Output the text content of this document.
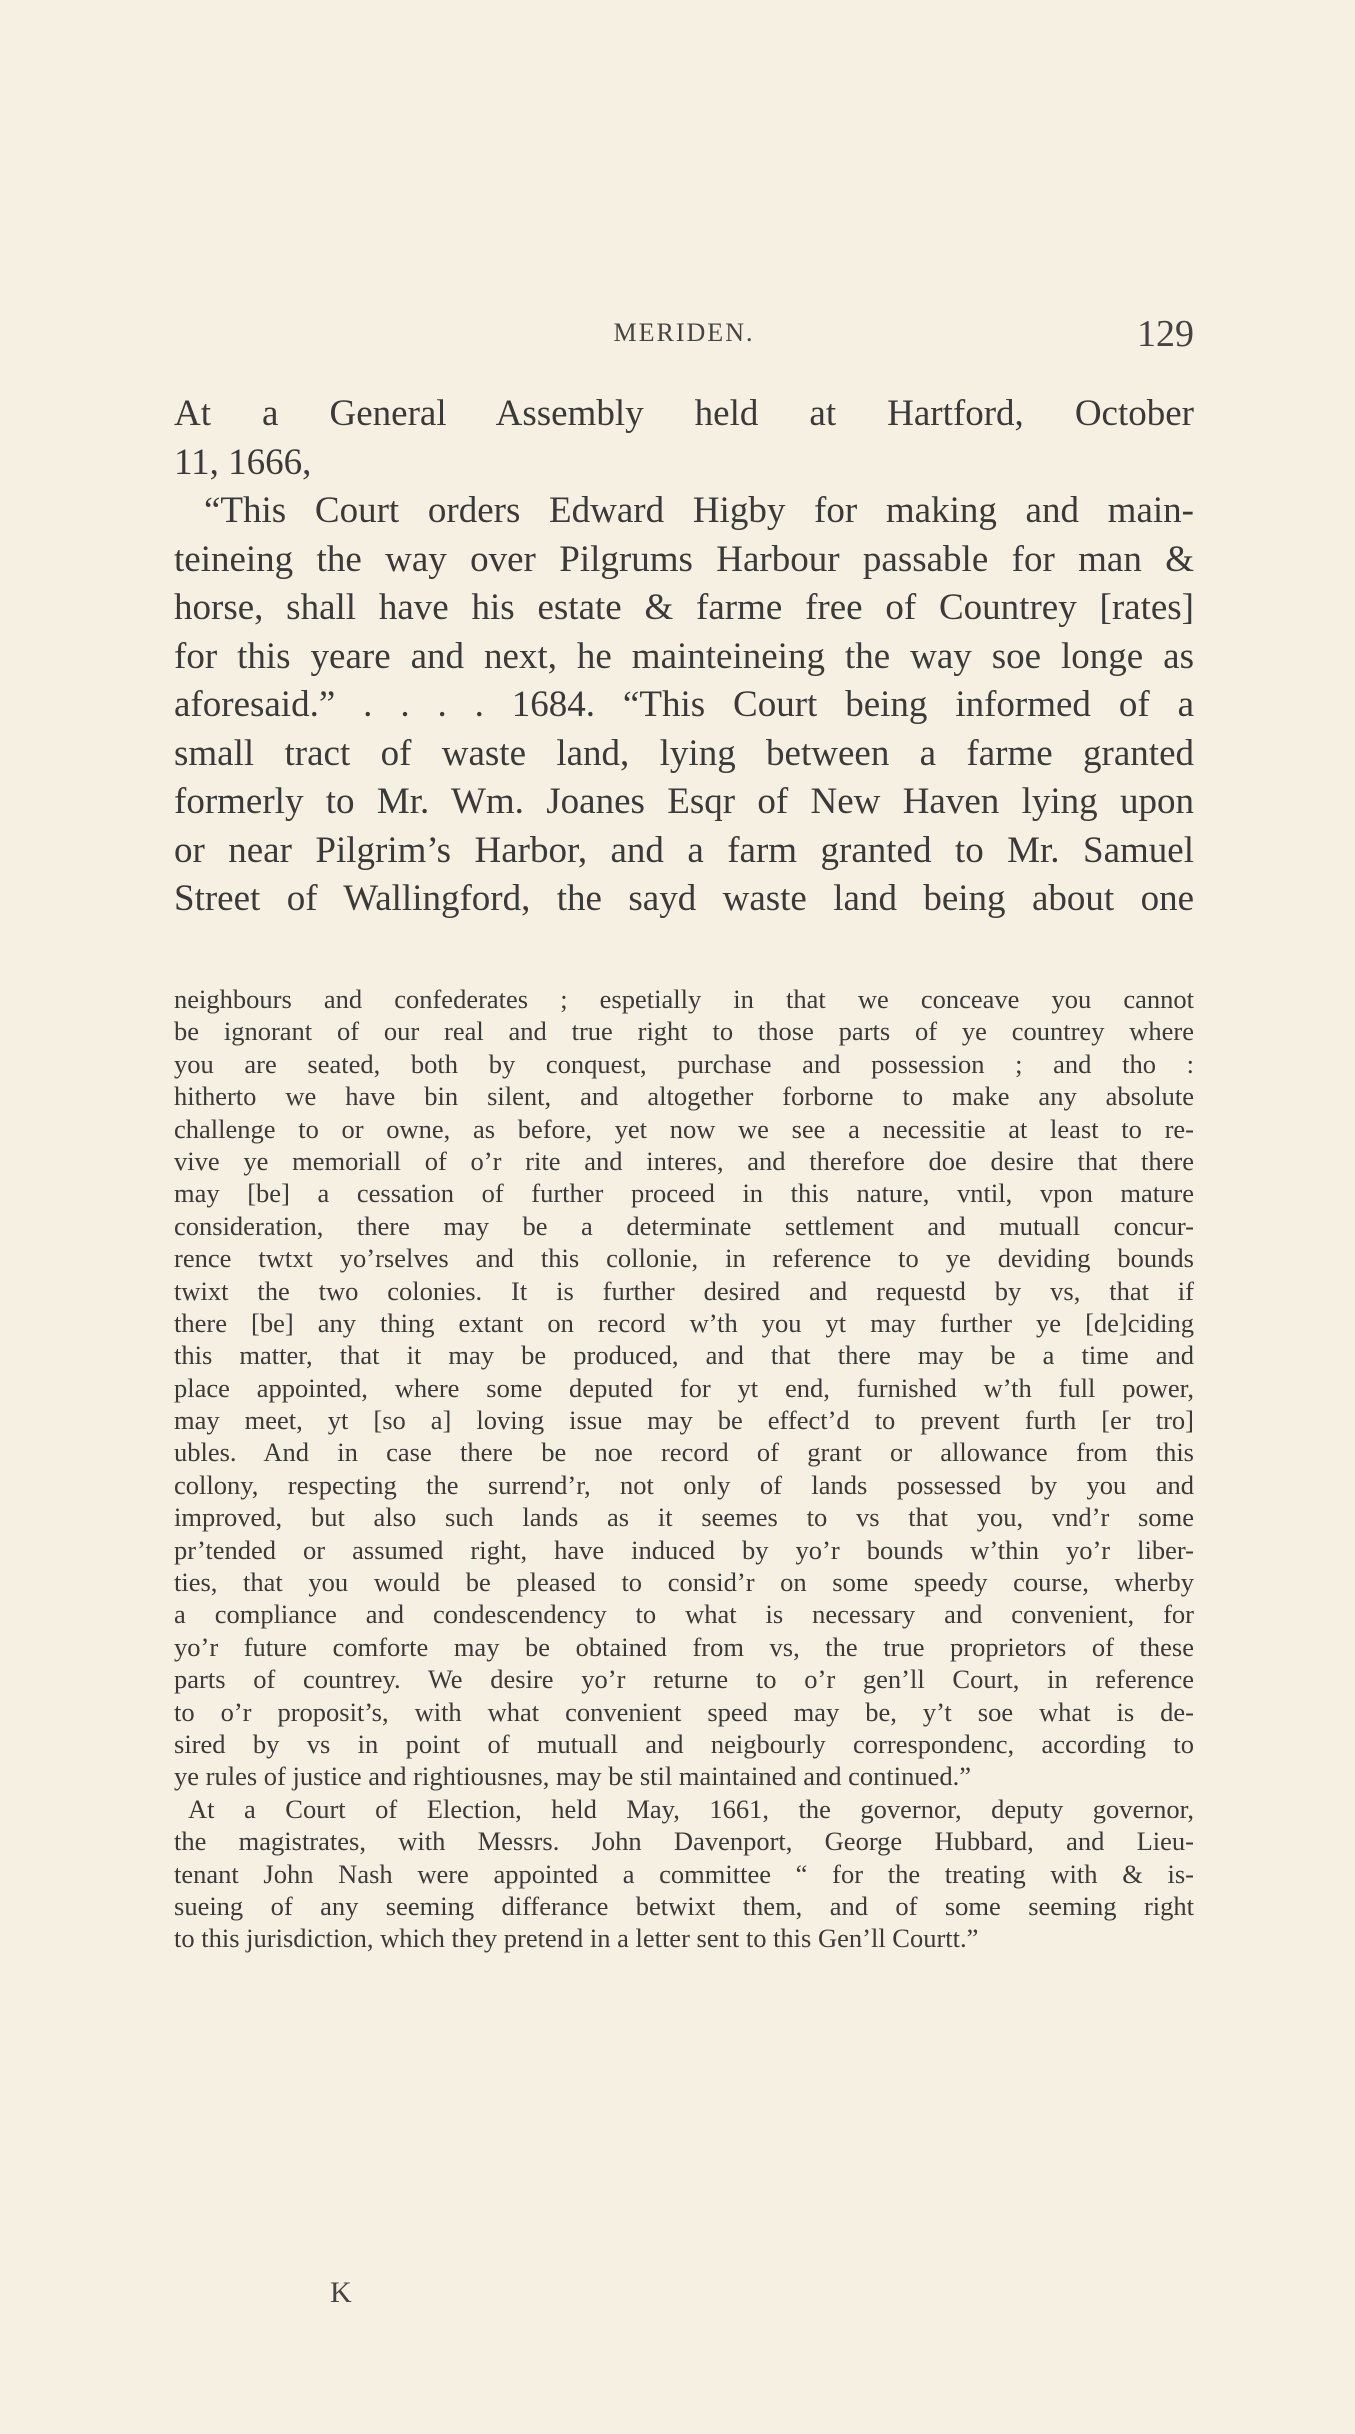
MERIDEN.	129
At a General Assembly held at Hartford, October
11, 1666,
“This Court orders Edward Higby for making and main-
teineing the way over Pilgrums Harbour passable for man &
horse, shall have his estate & farme free of Countrey [rates]
for this yeare and next, he mainteineing the way soe longe as
aforesaid.” . . . . 1684. “This Court being informed of a
small tract of waste land, lying between a farme granted
formerly to Mr. Wm. Joanes Esqr of New Haven lying upon
or near Pilgrim’s Harbor, and a farm granted to Mr. Samuel
Street of Wallingford, the sayd waste land being about one
neighbours and confederates ; espetially in that we conceave you cannot
be ignorant of our real and true right to those parts of ye countrey where
you are seated, both by conquest, purchase and possession ; and tho :
hitherto we have bin silent, and altogether forborne to make any absolute
challenge to or owne, as before, yet now we see a necessitie at least to re-
vive ye memoriall of o’r rite and interes, and therefore doe desire that there
may [be] a cessation of further proceed in this nature, vntil, vpon mature
consideration, there may be a determinate settlement and mutuall concur-
rence twtxt yo’rselves and this collonie, in reference to ye deviding bounds
twixt the two colonies. It is further desired and requestd by vs, that if
there [be] any thing extant on record w’th you yt may further ye [de]ciding
this matter, that it may be produced, and that there may be a time and
place appointed, where some deputed for yt end, furnished w’th full power,
may meet, yt [so a] loving issue may be effect’d to prevent furth [er tro]
ubles. And in case there be noe record of grant or allowance from this
collony, respecting the surrend’r, not only of lands possessed by you and
improved, but also such lands as it seemes to vs that you, vnd’r some
pr’tended or assumed right, have induced by yo’r bounds w’thin yo’r liber-
ties, that you would be pleased to consid’r on some speedy course, wherby
a compliance and condescendency to what is necessary and convenient, for
yo’r future comforte may be obtained from vs, the true proprietors of these
parts of countrey. We desire yo’r returne to o’r gen’ll Court, in reference
to o’r proposit’s, with what convenient speed may be, y’t soe what is de-
sired by vs in point of mutuall and neigbourly correspondenc, according to
ye rules of justice and rightiousnes, may be stil maintained and continued.”
At a Court of Election, held May, 1661, the governor, deputy governor,
the magistrates, with Messrs. John Davenport, George Hubbard, and Lieu-
tenant John Nash were appointed a committee “ for the treating with & is-
sueing of any seeming differance betwixt them, and of some seeming right
to this jurisdiction, which they pretend in a letter sent to this Gen’ll Courtt.”
K
